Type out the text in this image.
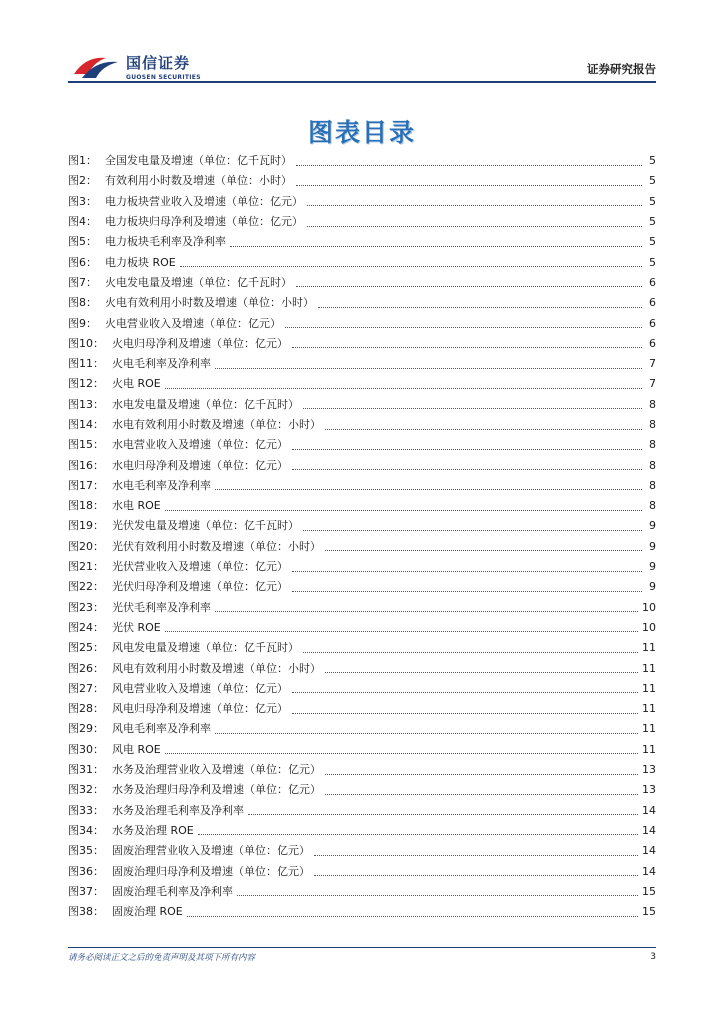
国信证券
GUOSEN SECURITIES
证券研究报告
图表目录
图1： 全国发电量及增速（单位：亿千瓦时）	5
图2： 有效利用小时数及增速（单位：小时）	5
图3： 电力板块营业收入及增速（单位：亿元）	5
图4： 电力板块归母净利及增速（单位：亿元）	5
图5： 电力板块毛利率及净利率	5
图6： 电力板块 ROE	5
图7： 火电发电量及增速（单位：亿千瓦时）	6
图8： 火电有效利用小时数及增速（单位：小时）	6
图9： 火电营业收入及增速（单位：亿元）	6
图10： 火电归母净利及增速（单位：亿元）	6
图11： 火电毛利率及净利率	7
图12： 火电 ROE	7
图13： 水电发电量及增速（单位：亿千瓦时）	8
图14： 水电有效利用小时数及增速（单位：小时）	8
图15： 水电营业收入及增速（单位：亿元）	8
图16： 水电归母净利及增速（单位：亿元）	8
图17： 水电毛利率及净利率	8
图18： 水电 ROE	8
图19： 光伏发电量及增速（单位：亿千瓦时）	9
图20： 光伏有效利用小时数及增速（单位：小时）	9
图21： 光伏营业收入及增速（单位：亿元）	9
图22： 光伏归母净利及增速（单位：亿元）	9
图23： 光伏毛利率及净利率	10
图24： 光伏 ROE	10
图25： 风电发电量及增速（单位：亿千瓦时）	11
图26： 风电有效利用小时数及增速（单位：小时）	11
图27： 风电营业收入及增速（单位：亿元）	11
图28： 风电归母净利及增速（单位：亿元）	11
图29： 风电毛利率及净利率	11
图30： 风电 ROE	11
图31： 水务及治理营业收入及增速（单位：亿元）	13
图32： 水务及治理归母净利及增速（单位：亿元）	13
图33： 水务及治理毛利率及净利率	14
图34： 水务及治理 ROE	14
图35： 固废治理营业收入及增速（单位：亿元）	14
图36： 固废治理归母净利及增速（单位：亿元）	14
图37： 固废治理毛利率及净利率	15
图38： 固废治理 ROE	15
请务必阅读正文之后的免责声明及其项下所有内容	3
